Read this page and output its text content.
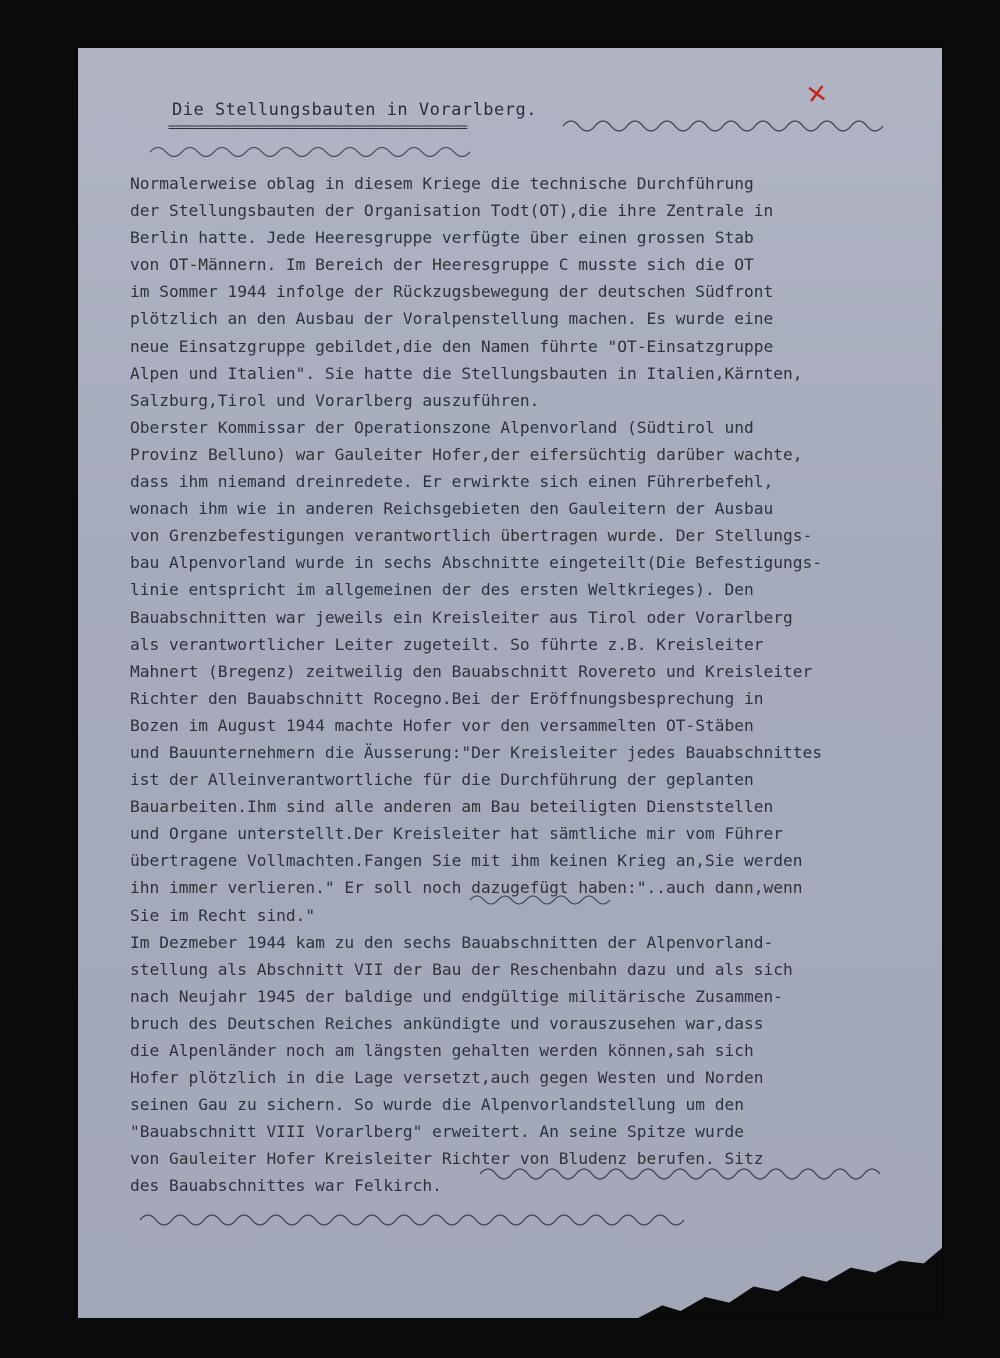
Die Stellungsbauten in Vorarlberg.
================================================
✕
Normalerweise oblag in diesem Kriege die technische Durchführung
der Stellungsbauten der Organisation Todt(OT),die ihre Zentrale in
Berlin hatte. Jede Heeresgruppe verfügte über einen grossen Stab
von OT-Männern. Im Bereich der Heeresgruppe C musste sich die OT
im Sommer 1944 infolge der Rückzugsbewegung der deutschen Südfront
plötzlich an den Ausbau der Voralpenstellung machen. Es wurde eine
neue Einsatzgruppe gebildet,die den Namen führte "OT-Einsatzgruppe
Alpen und Italien". Sie hatte die Stellungsbauten in Italien,Kärnten,
Salzburg,Tirol und Vorarlberg auszuführen.
Oberster Kommissar der Operationszone Alpenvorland (Südtirol und
Provinz Belluno) war Gauleiter Hofer,der eifersüchtig darüber wachte,
dass ihm niemand dreinredete. Er erwirkte sich einen Führerbefehl,
wonach ihm wie in anderen Reichsgebieten den Gauleitern der Ausbau
von Grenzbefestigungen verantwortlich übertragen wurde. Der Stellungs-
bau Alpenvorland wurde in sechs Abschnitte eingeteilt(Die Befestigungs-
linie entspricht im allgemeinen der des ersten Weltkrieges). Den
Bauabschnitten war jeweils ein Kreisleiter aus Tirol oder Vorarlberg
als verantwortlicher Leiter zugeteilt. So führte z.B. Kreisleiter
Mahnert (Bregenz) zeitweilig den Bauabschnitt Rovereto und Kreisleiter
Richter den Bauabschnitt Rocegno.Bei der Eröffnungsbesprechung in
Bozen im August 1944 machte Hofer vor den versammelten OT-Stäben
und Bauunternehmern die Äusserung:"Der Kreisleiter jedes Bauabschnittes
ist der Alleinverantwortliche für die Durchführung der geplanten
Bauarbeiten.Ihm sind alle anderen am Bau beteiligten Dienststellen
und Organe unterstellt.Der Kreisleiter hat sämtliche mir vom Führer
übertragene Vollmachten.Fangen Sie mit ihm keinen Krieg an,Sie werden
ihn immer verlieren." Er soll noch dazugefügt haben:"..auch dann,wenn
Sie im Recht sind."
Im Dezmeber 1944 kam zu den sechs Bauabschnitten der Alpenvorland-
stellung als Abschnitt VII der Bau der Reschenbahn dazu und als sich
nach Neujahr 1945 der baldige und endgültige militärische Zusammen-
bruch des Deutschen Reiches ankündigte und vorauszusehen war,dass
die Alpenländer noch am längsten gehalten werden können,sah sich
Hofer plötzlich in die Lage versetzt,auch gegen Westen und Norden
seinen Gau zu sichern. So wurde die Alpenvorlandstellung um den
"Bauabschnitt VIII Vorarlberg" erweitert. An seine Spitze wurde
von Gauleiter Hofer Kreisleiter Richter von Bludenz berufen. Sitz
des Bauabschnittes war Felkirch.
